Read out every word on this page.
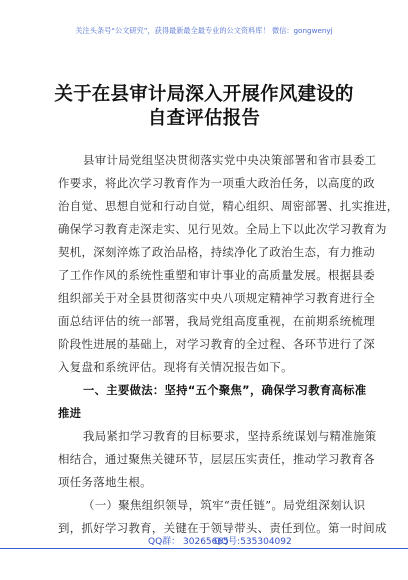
关注头条号“公文研究”，获得最新最全最专业的公文资料库！ 微信：gongwenyj
关于在县审计局深入开展作风建设的
自查评估报告
县审计局党组坚决贯彻落实党中央决策部署和省市县委工
作要求，将此次学习教育作为一项重大政治任务，以高度的政
治自觉、思想自觉和行动自觉，精心组织、周密部署、扎实推进，
确保学习教育走深走实、见行见效。全局上下以此次学习教育为
契机，深刻淬炼了政治品格，持续净化了政治生态，有力推动
了工作作风的系统性重塑和审计事业的高质量发展。根据县委
组织部关于对全县贯彻落实中央八项规定精神学习教育进行全
面总结评估的统一部署，我局党组高度重视，在前期系统梳理
阶段性进展的基础上，对学习教育的全过程、各环节进行了深
入复盘和系统评估。现将有关情况报告如下。
一、主要做法：坚持“五个聚焦”，确保学习教育高标准
推进
我局紧扣学习教育的目标要求，坚持系统谋划与精准施策
相结合，通过聚焦关键环节，层层压实责任，推动学习教育各
项任务落地生根。
（一）聚焦组织领导，筑牢“责任链”。局党组深刻认识
到，抓好学习教育，关键在于领导带头、责任到位。第一时间成
QQ群： 30265665
QQ号:535304092
